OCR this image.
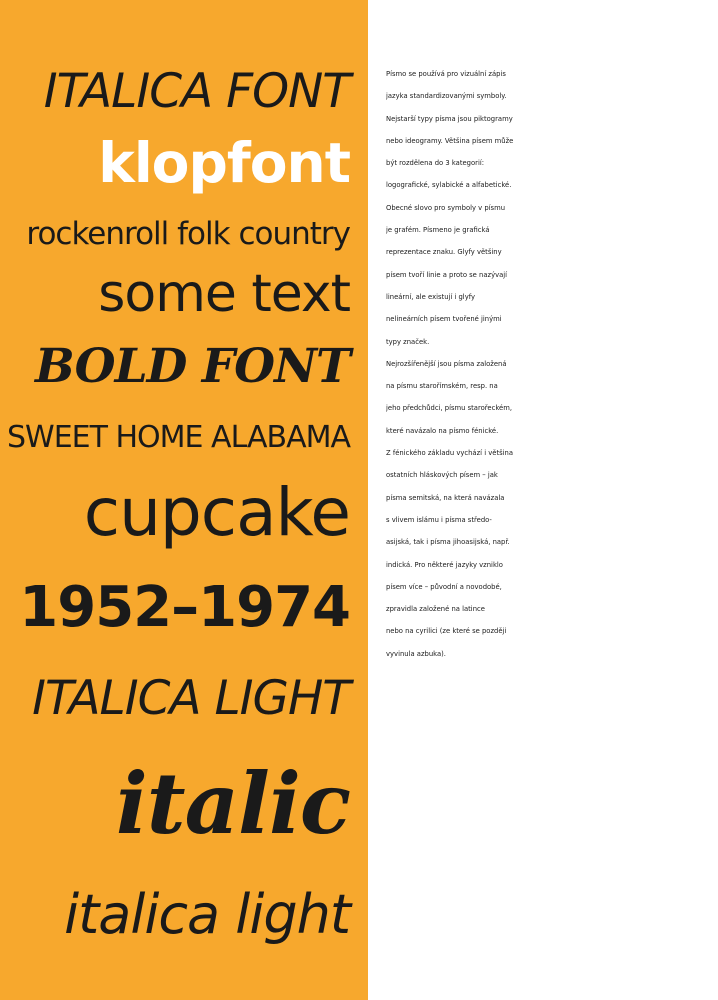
ITALICA FONT
klopfont
rockenroll folk country
some text
BOLD FONT
SWEET HOME ALABAMA
cupcake
1952–1974
ITALICA LIGHT
italic
italica light
Písmo se používá pro vizuální zápis
jazyka standardizovanými symboly.
Nejstarší typy písma jsou piktogramy
nebo ideogramy. Většina písem může
být rozdělena do 3 kategorií:
logografické, sylabické a alfabetické.
Obecné slovo pro symboly v písmu
je grafém. Písmeno je grafická
reprezentace znaku. Glyfy většiny
písem tvoří linie a proto se nazývají
lineární, ale existují i glyfy
nelineárních písem tvořené jinými
typy značek.
Nejrozšířenější jsou písma založená
na písmu starořímském, resp. na
jeho předchůdci, písmu starořeckém,
které navázalo na písmo fénické.
Z fénického základu vychází i většina
ostatních hláskových písem – jak
písma semitská, na která navázala
s vlivem islámu i písma středo-
asijská, tak i písma jihoasijská, např.
indická. Pro některé jazyky vzniklo
písem více – původní a novodobé,
zpravidla založené na latince
nebo na cyrilici (ze které se později
vyvinula azbuka).
